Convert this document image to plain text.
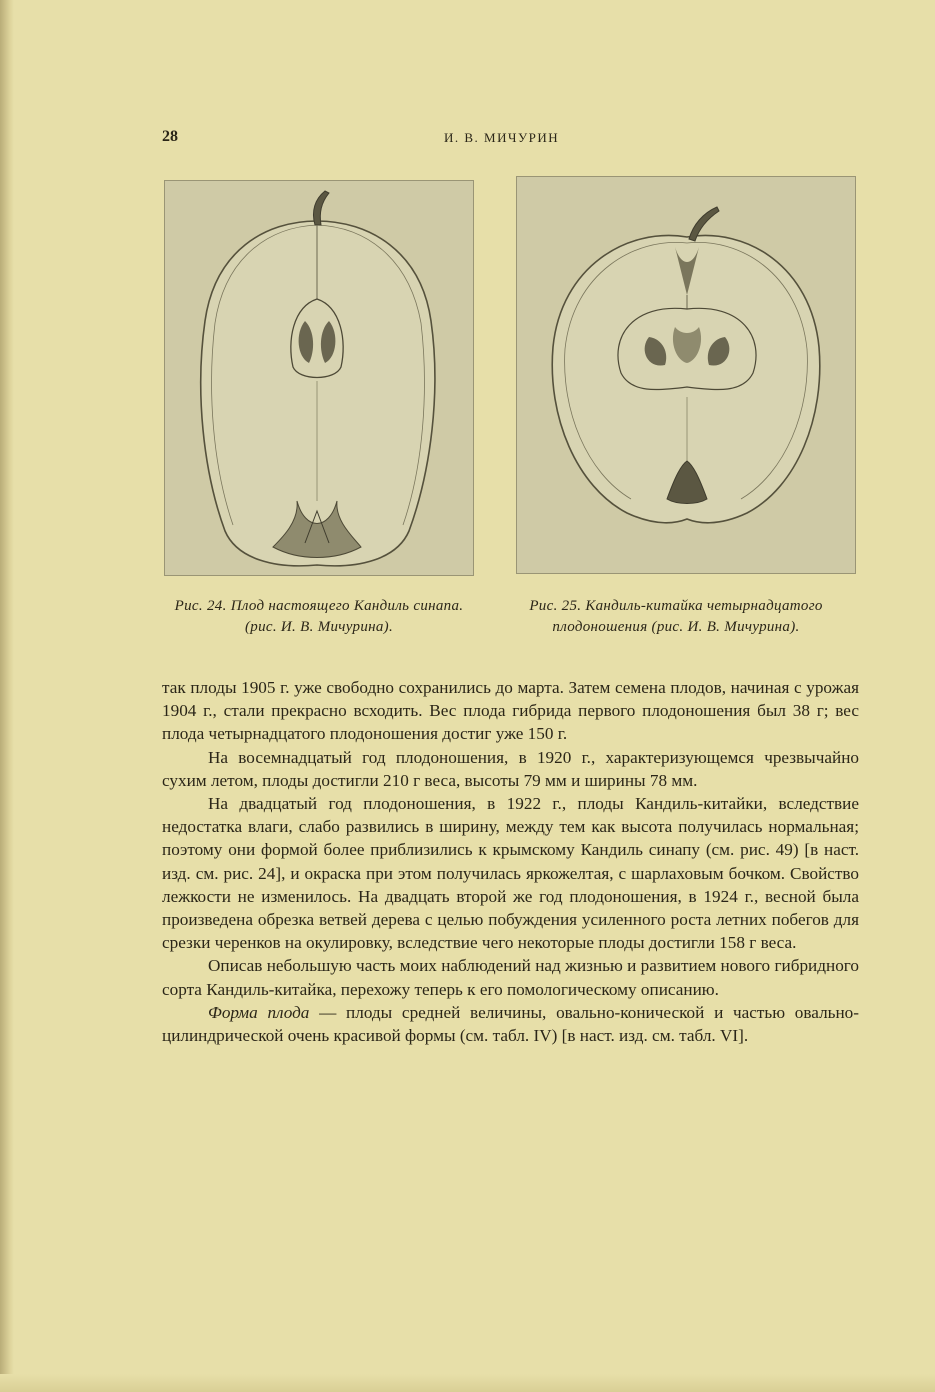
28	И. В. МИЧУРИН
Рис. 24. Плод настоящего Кандиль синапа. (рис. И. В. Мичурина).
Рис. 25. Кандиль-китайка четырнадцатого плодоношения (рис. И. В. Мичурина).

так плоды 1905 г. уже свободно сохранились до марта. Затем семена плодов, начиная с урожая 1904 г., стали прекрасно всходить. Вес плода гибрида первого плодоношения был 38 г; вес плода четырнадцатого плодоношения достиг уже 150 г.

На восемнадцатый год плодоношения, в 1920 г., характеризующемся чрезвычайно сухим летом, плоды достигли 210 г веса, высоты 79 мм и ширины 78 мм.

На двадцатый год плодоношения, в 1922 г., плоды Кандиль-китайки, вследствие недостатка влаги, слабо развились в ширину, между тем как высота получилась нормальная; поэтому они формой более приблизились к крымскому Кандиль синапу (см. рис. 49) [в наст. изд. см. рис. 24], и окраска при этом получилась яркожелтая, с шарлаховым бочком. Свойство лежкости не изменилось. На двадцать второй же год плодоношения, в 1924 г., весной была произведена обрезка ветвей дерева с целью побуждения усиленного роста летних побегов для срезки черенков на окулировку, вследствие чего некоторые плоды достигли 158 г веса.

Описав небольшую часть моих наблюдений над жизнью и развитием нового гибридного сорта Кандиль-китайка, перехожу теперь к его помологическому описанию.

Форма плода — плоды средней величины, овально-конической и частью овально-цилиндрической очень красивой формы (см. табл. IV) [в наст. изд. см. табл. VI].
